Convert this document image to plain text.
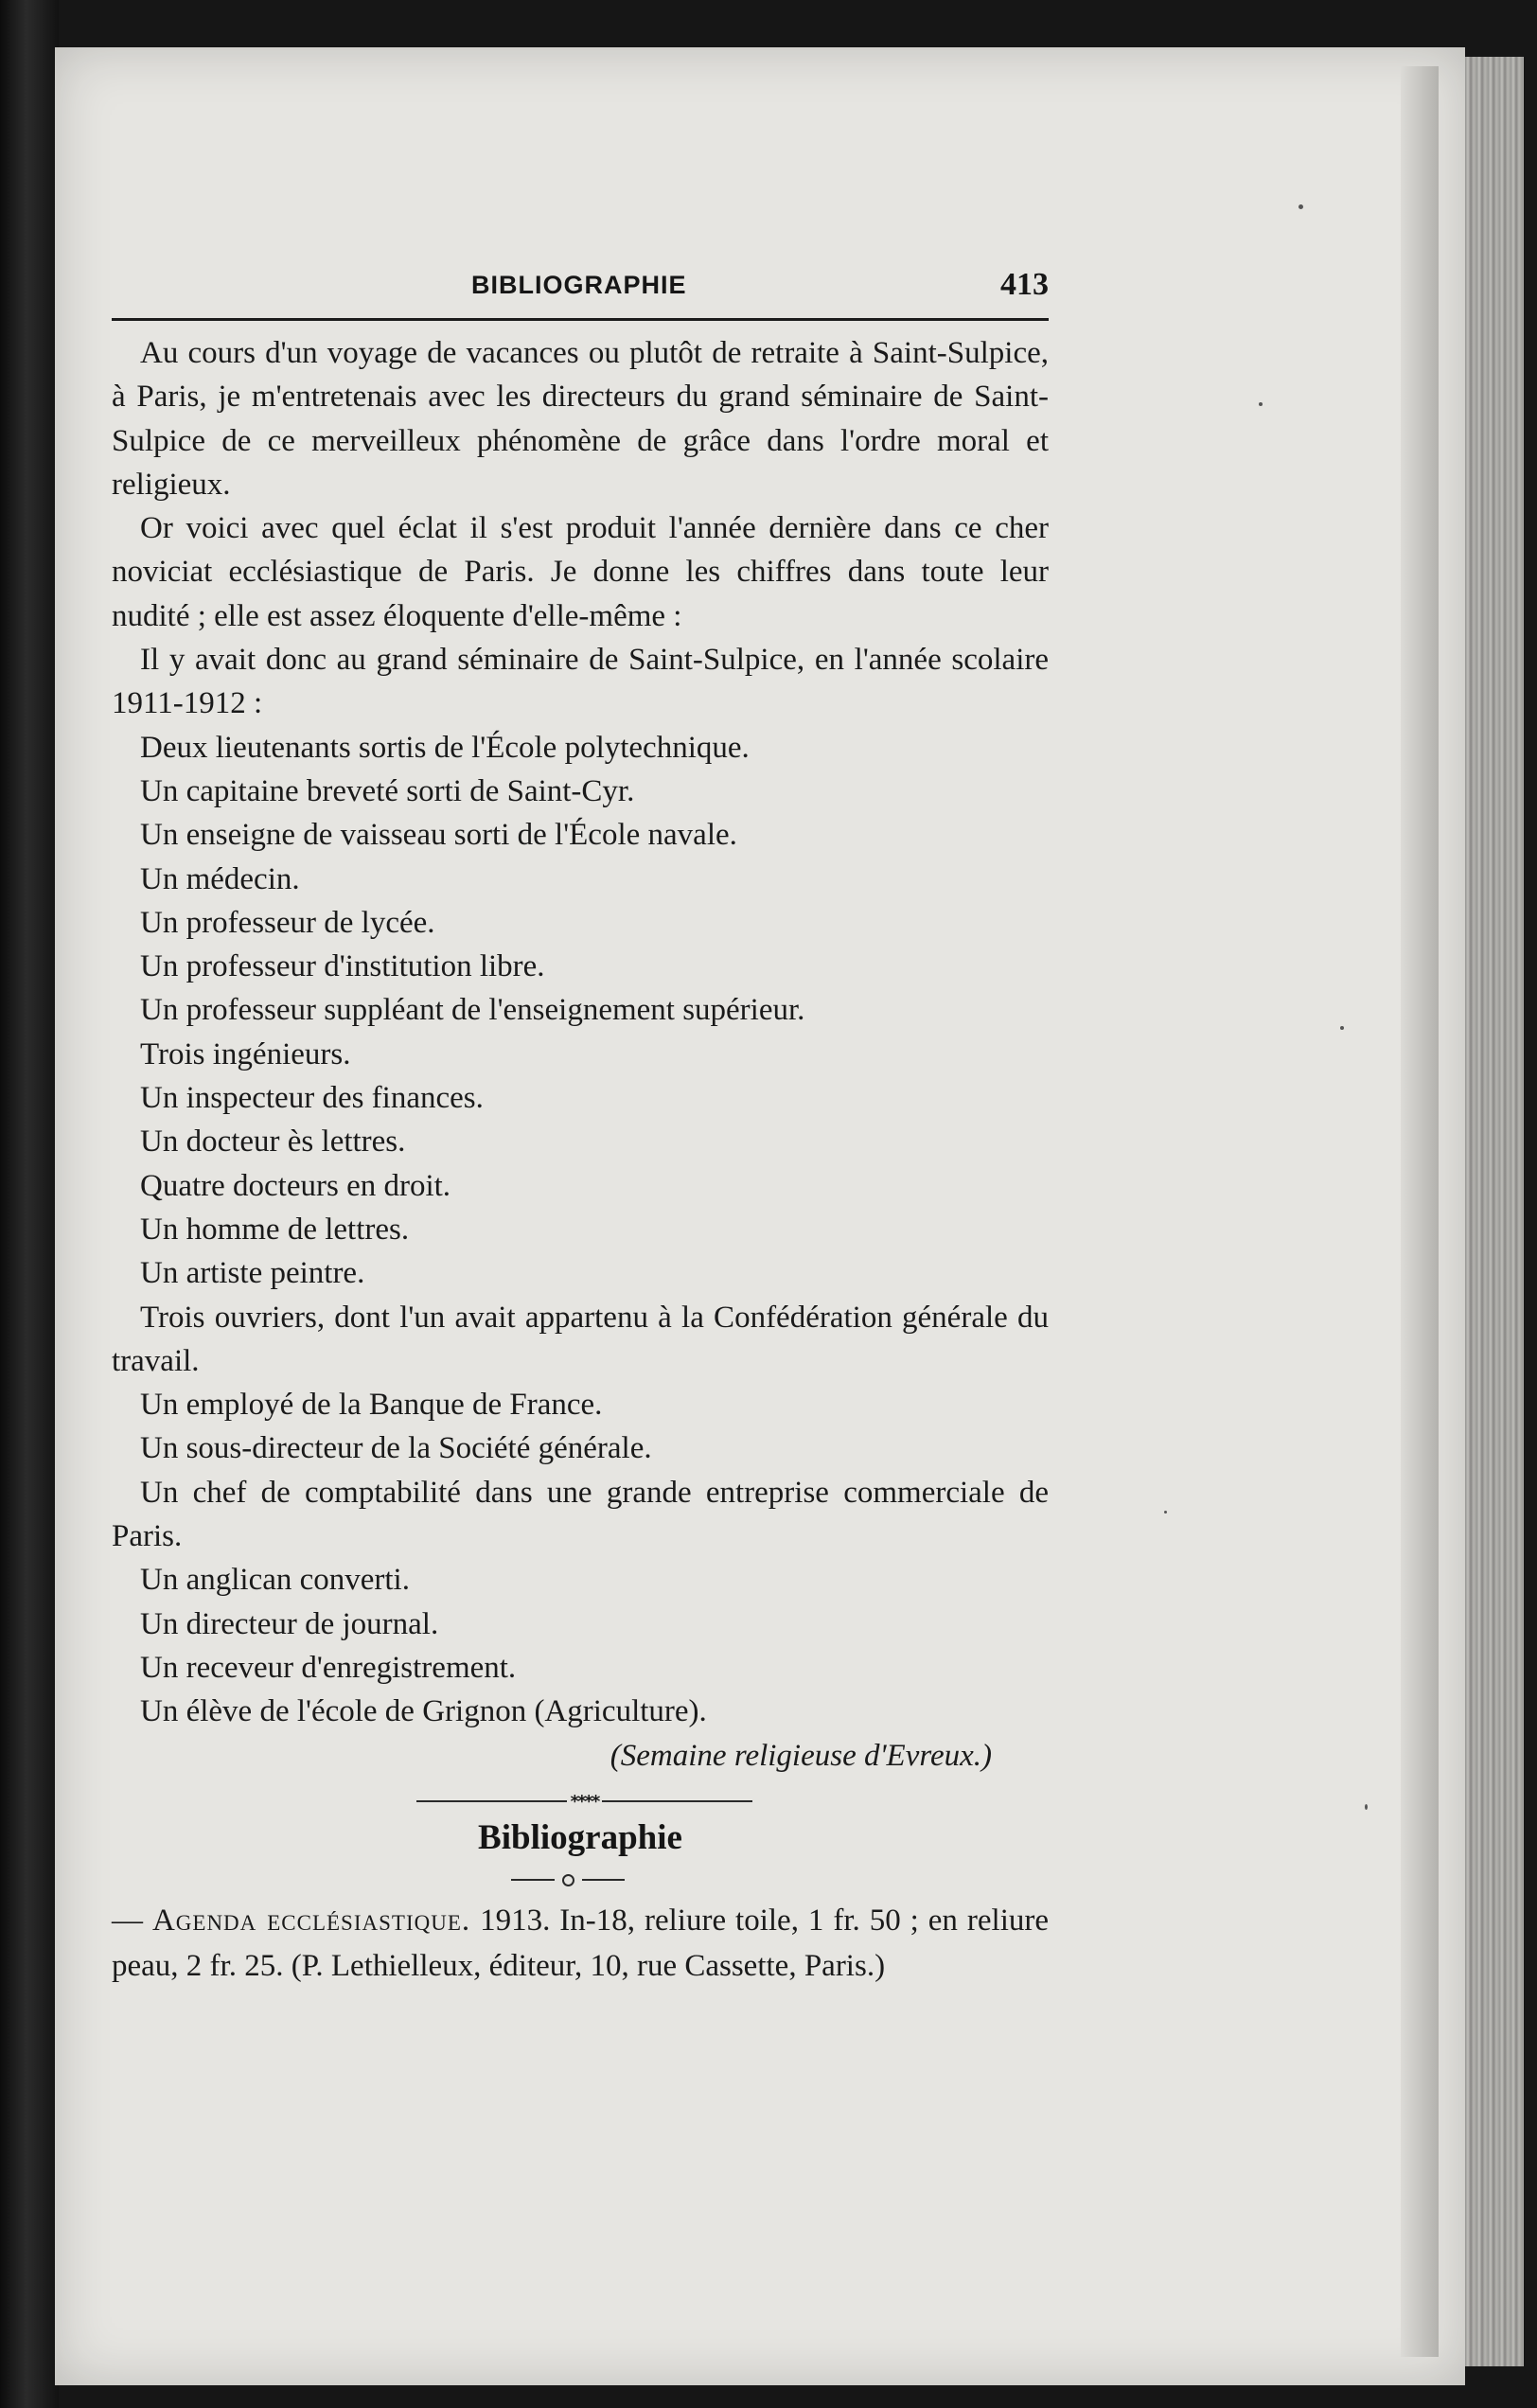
BIBLIOGRAPHIE	413

Au cours d'un voyage de vacances ou plutôt de retraite à Saint-Sulpice, à Paris, je m'entretenais avec les directeurs du grand séminaire de Saint-Sulpice de ce merveilleux phénomène de grâce dans l'ordre moral et religieux.

Or voici avec quel éclat il s'est produit l'année dernière dans ce cher noviciat ecclésiastique de Paris. Je donne les chiffres dans toute leur nudité ; elle est assez éloquente d'elle-même :

Il y avait donc au grand séminaire de Saint-Sulpice, en l'année scolaire 1911-1912 :

Deux lieutenants sortis de l'École polytechnique.

Un capitaine breveté sorti de Saint-Cyr.

Un enseigne de vaisseau sorti de l'École navale.

Un médecin.

Un professeur de lycée.

Un professeur d'institution libre.

Un professeur suppléant de l'enseignement supérieur.

Trois ingénieurs.

Un inspecteur des finances.

Un docteur ès lettres.

Quatre docteurs en droit.

Un homme de lettres.

Un artiste peintre.

Trois ouvriers, dont l'un avait appartenu à la Confédération générale du travail.

Un employé de la Banque de France.

Un sous-directeur de la Société générale.

Un chef de comptabilité dans une grande entreprise commerciale de Paris.

Un anglican converti.

Un directeur de journal.

Un receveur d'enregistrement.

Un élève de l'école de Grignon (Agriculture).

(Semaine religieuse d'Evreux.)

****
Bibliographie

— Agenda ecclésiastique. 1913. In-18, reliure toile, 1 fr. 50 ; en reliure peau, 2 fr. 25. (P. Lethielleux, éditeur, 10, rue Cassette, Paris.)
